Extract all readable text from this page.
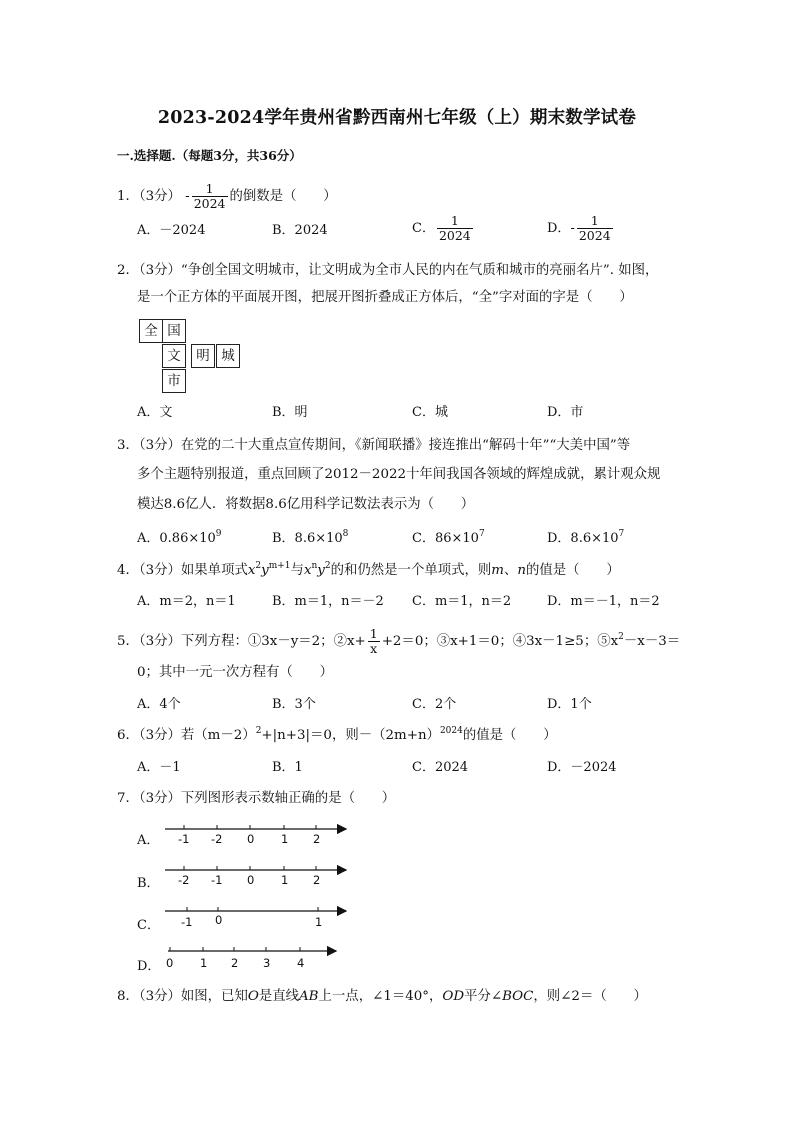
2023-2024学年贵州省黔西南州七年级（上）期末数学试卷
一.选择题.（每题3分，共36分）
1．（3分） - $\frac{1}{2024}$ 的倒数是（　　）
A．－2024	B．2024	C． $\frac{1}{2024}$	D．- $\frac{1}{2024}$
2．（3分）“争创全国文明城市，让文明成为全市人民的内在气质和城市的亮丽名片”. 如图，
是一个正方体的平面展开图，把展开图折叠成正方体后，“全”字对面的字是（　　）
全 国
文	明 城
市
A．文	B．明	C．城	D．市
3．（3分）在党的二十大重点宣传期间，《新闻联播》接连推出“解码十年”“大美中国”等
多个主题特别报道，重点回顾了2012－2022十年间我国各领域的辉煌成就，累计观众规
模达8.6亿人．将数据8.6亿用科学记数法表示为（　　）
A．$0.86\times 10^9$	B．$8.6\times 10^8$	C．$86\times 10^7$	D．$8.6\times 10^7$
4．（3分）如果单项式$x^2y^{m+1}$与$x^ny^2$的和仍然是一个单项式，则m、n的值是（　　）
A．m＝2，n＝1	B．m＝1，n＝－2 C．m＝1，n＝2	D．m＝－1，n＝2
5．（3分）下列方程：①3x－y＝2；②x+ $\frac{1}{x} +2=0$；③x+1＝0；④3x－1≥5；$⑤x^2-x-3=$
0；其中一元一次方程有（　　）
A．4个	B．3个	C．2个	D．1个
6．（3分）若$(m-2)^2+|n+3|=0$，则$-(2m+n)^{2024}$的值是（　　）
A．－1	B．1	C．2024	D．－2024
7．（3分）下列图形表示数轴正确的是（　　）
A．
B．
C．
D．
-1 -2 0 1 2
-2 -1 0 1 2
-1 0	1
0 1 2 3 4
8．（3分）如图，已知O是直线AB上一点，∠1＝40°，OD平分∠BOC，则∠2＝（　　）
